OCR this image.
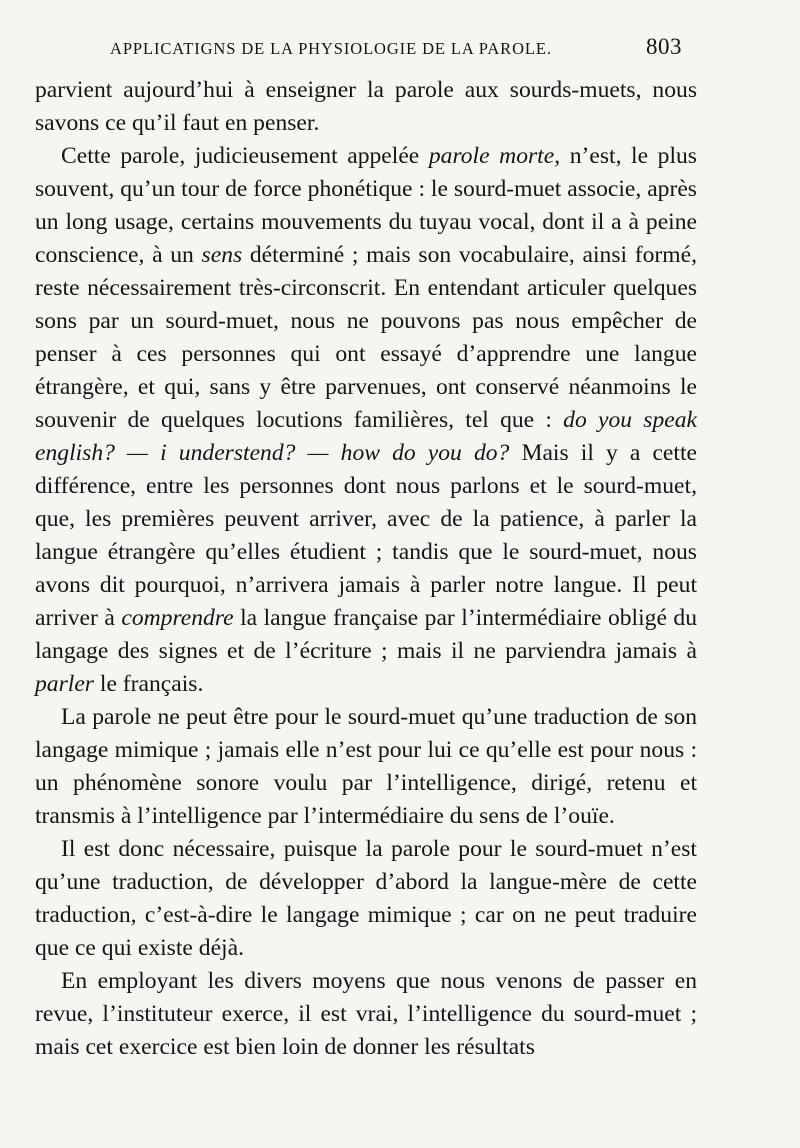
APPLICATIGNS DE LA PHYSIOLOGIE DE LA PAROLE.	803

parvient aujourd’hui à enseigner la parole aux sourds-muets, nous savons ce qu’il faut en penser.

Cette parole, judicieusement appelée parole morte, n’est, le plus souvent, qu’un tour de force phonétique : le sourd-muet associe, après un long usage, certains mouvements du tuyau vocal, dont il a à peine conscience, à un sens déterminé ; mais son vocabulaire, ainsi formé, reste nécessairement très-circonscrit. En entendant articuler quelques sons par un sourd-muet, nous ne pouvons pas nous empêcher de penser à ces personnes qui ont essayé d’apprendre une langue étrangère, et qui, sans y être parvenues, ont conservé néanmoins le souvenir de quelques locutions familières, tel que : do you speak english? — i understend? — how do you do? Mais il y a cette différence, entre les personnes dont nous parlons et le sourd-muet, que, les premières peuvent arriver, avec de la patience, à parler la langue étrangère qu’elles étudient ; tandis que le sourd-muet, nous avons dit pourquoi, n’arrivera jamais à parler notre langue. Il peut arriver à comprendre la langue française par l’intermédiaire obligé du langage des signes et de l’écriture ; mais il ne parviendra jamais à parler le français.

La parole ne peut être pour le sourd-muet qu’une traduction de son langage mimique ; jamais elle n’est pour lui ce qu’elle est pour nous : un phénomène sonore voulu par l’intelligence, dirigé, retenu et transmis à l’intelligence par l’intermédiaire du sens de l’ouïe.

Il est donc nécessaire, puisque la parole pour le sourd-muet n’est qu’une traduction, de développer d’abord la langue-mère de cette traduction, c’est-à-dire le langage mimique ; car on ne peut traduire que ce qui existe déjà.

En employant les divers moyens que nous venons de passer en revue, l’instituteur exerce, il est vrai, l’intelligence du sourd-muet ; mais cet exercice est bien loin de donner les résultats
